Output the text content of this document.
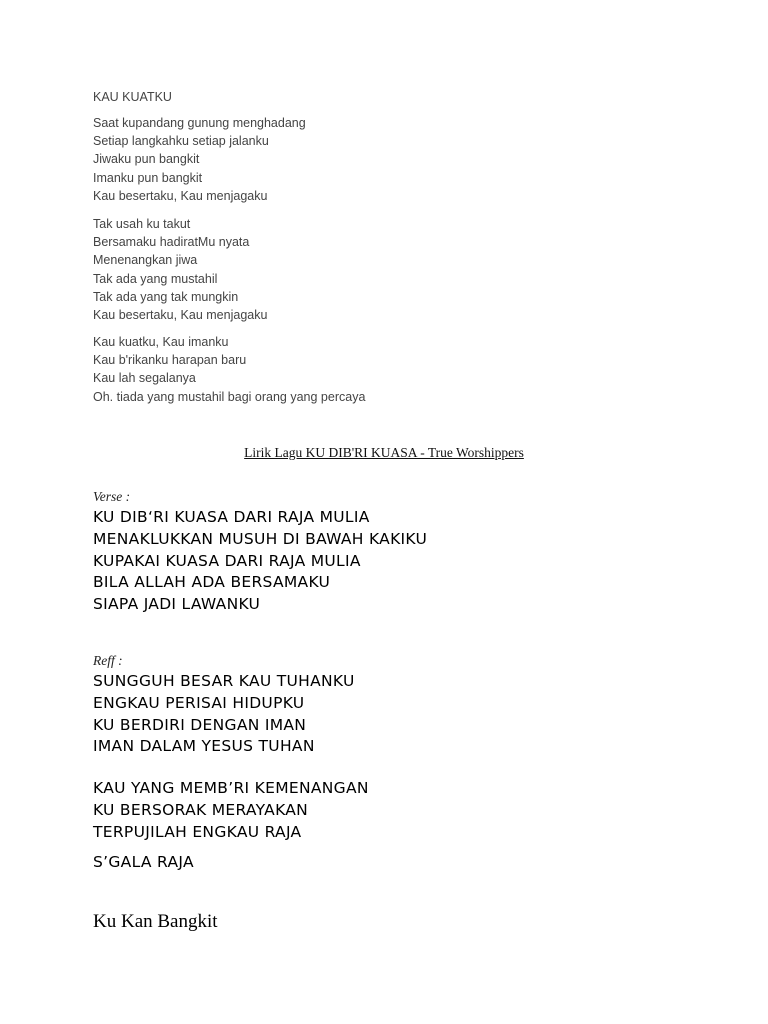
KAU KUATKU

Saat kupandang gunung menghadang
Setiap langkahku setiap jalanku
Jiwaku pun bangkit
Imanku pun bangkit
Kau besertaku, Kau menjagaku

Tak usah ku takut
Bersamaku hadiratMu nyata
Menenangkan jiwa
Tak ada yang mustahil
Tak ada yang tak mungkin
Kau besertaku, Kau menjagaku

Kau kuatku, Kau imanku
Kau b'rikanku harapan baru
Kau lah segalanya
Oh. tiada yang mustahil bagi orang yang percaya

Lirik Lagu KU DIB'RI KUASA - True Worshippers
Verse :
KU DIB‘RI KUASA DARI RAJA MULIA
MENAKLUKKAN MUSUH DI BAWAH KAKIKU
KUPAKAI KUASA DARI RAJA MULIA
BILA ALLAH ADA BERSAMAKU
SIAPA JADI LAWANKU
Reff :
SUNGGUH BESAR KAU TUHANKU
ENGKAU PERISAI HIDUPKU
KU BERDIRI DENGAN IMAN
IMAN DALAM YESUS TUHAN
KAU YANG MEMB’RI KEMENANGAN
KU BERSORAK MERAYAKAN
TERPUJILAH ENGKAU RAJA
S’GALA RAJA
Ku Kan Bangkit
